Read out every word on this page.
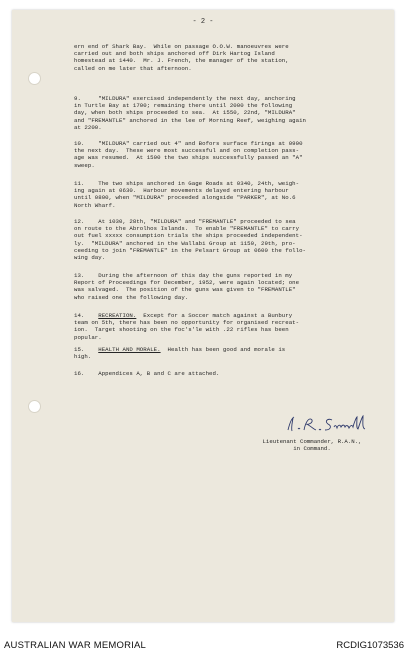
- 2 -

ern end of Shark Bay.  While on passage O.O.W. manoeuvres were
carried out and both ships anchored off Dirk Hartog Island
homestead at 1440.  Mr. J. French, the manager of the station,
called on me later that afternoon.

9.     "MILDURA" exercised independently the next day, anchoring
in Turtle Bay at 1700; remaining there until 2000 the following
day, when both ships proceeded to sea.  At 1550, 22nd, "MILDURA"
and "FREMANTLE" anchored in the lee of Morning Reef, weighing again
at 2200.

10.    "MILDURA" carried out 4" and Bofors surface firings at 0900
the next day.  These were most successful and on completion pass-
age was resumed.  At 1500 the two ships successfully passed an "A"
sweep.

11.    The two ships anchored in Gage Roads at 0340, 24th, weigh-
ing again at 0630.  Harbour movements delayed entering harbour
until 0800, when "MILDURA" proceeded alongside "PARKER", at No.6
North Wharf.

12.    At 1030, 28th, "MILDURA" and "FREMANTLE" proceeded to sea
on route to the Abrolhos Islands.  To enable "FREMANTLE" to carry
out fuel xxxxx consumption trials the ships proceeded independent-
ly.  "MILDURA" anchored in the Wallabi Group at 1150, 29th, pro-
ceeding to join "FREMANTLE" in the Pelsart Group at 0600 the follo-
wing day.

13.    During the afternoon of this day the guns reported in my
Report of Proceedings for December, 1952, were again located; one
was salvaged.  The position of the guns was given to "FREMANTLE"
who raised one the following day.

14. RECREATION.  Except for a Soccer match against a Bunbury
team on 5th, there has been no opportunity for organised recreat-
ion.  Target shooting on the foc's'le with .22 rifles has been
popular.

15. HEALTH AND MORALE.  Health has been good and morale is
high.

16.    Appendices A, B and C are attached.

Lieutenant Commander, R.A.N.,
in Command.
AUSTRALIAN WAR MEMORIAL	RCDIG1073536
